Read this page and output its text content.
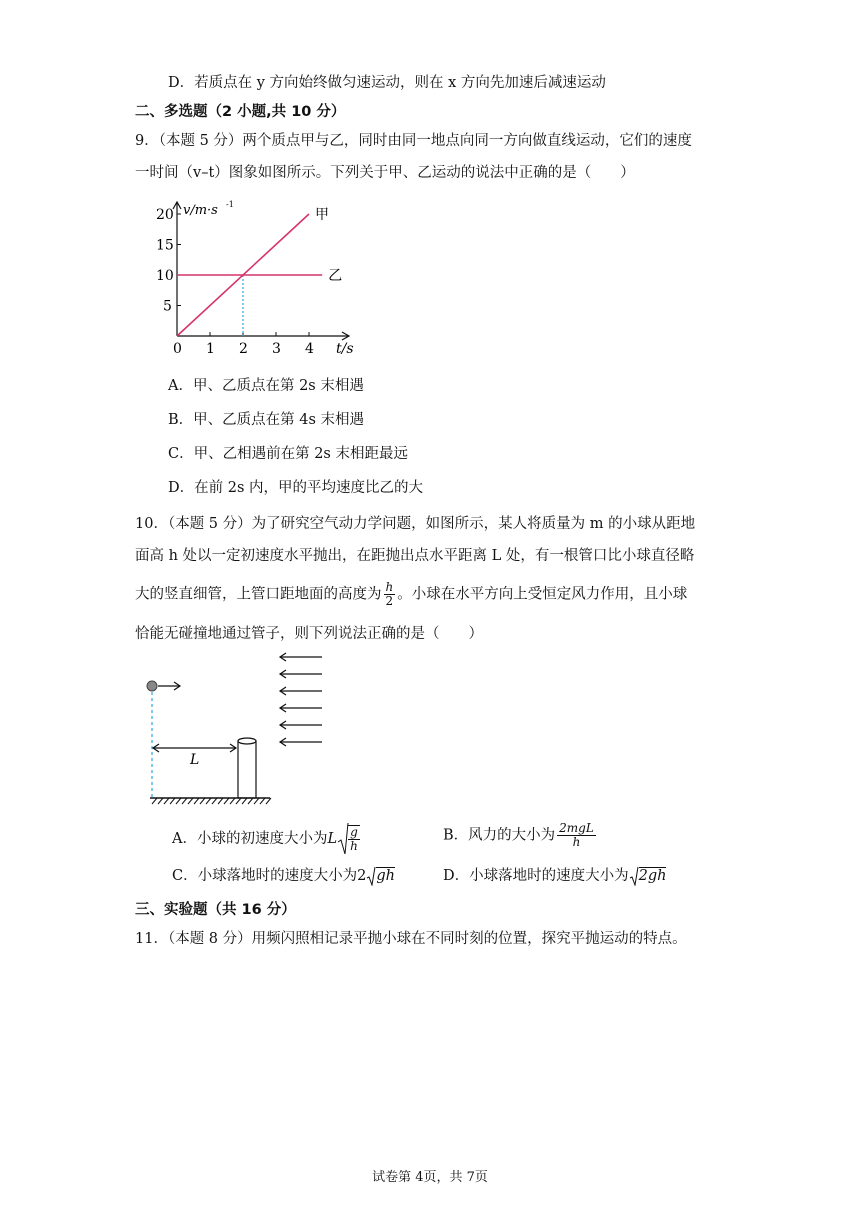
D．若质点在 y 方向始终做匀速运动，则在 x 方向先加速后减速运动
二、多选题（2 小题,共 10 分）
9．（本题 5 分）两个质点甲与乙，同时由同一地点向同一方向做直线运动，它们的速度
一时间（v–t）图象如图所示。下列关于甲、乙运动的说法中正确的是（　　）
0 1 2 3 4
5
10
15
20 v/m·s -1
t/s
甲
乙
A．甲、乙质点在第 2s 末相遇
B．甲、乙质点在第 4s 末相遇
C．甲、乙相遇前在第 2s 末相距最远
D．在前 2s 内，甲的平均速度比乙的大
10．（本题 5 分）为了研究空气动力学问题，如图所示，某人将质量为 m 的小球从距地
面高 h 处以一定初速度水平抛出，在距抛出点水平距离 L 处，有一根管口比小球直径略
大的竖直细管，上管口距地面的高度为 $\frac{h}{2}$ 。小球在水平方向上受恒定风力作用，且小球
恰能无碰撞地通过管子，则下列说法正确的是（　　）
L
A．小球的初速度大小为L $\frac{g}{h}$	B．风力的大小为 $\frac{\text{2mgL}}{h}$
C．小球落地时的速度大小为2 gh	D．小球落地时的速度大小为 2gh
三、实验题（共 16 分）
11．（本题 8 分）用频闪照相记录平抛小球在不同时刻的位置，探究平抛运动的特点。
试卷第 4页，共 7页
